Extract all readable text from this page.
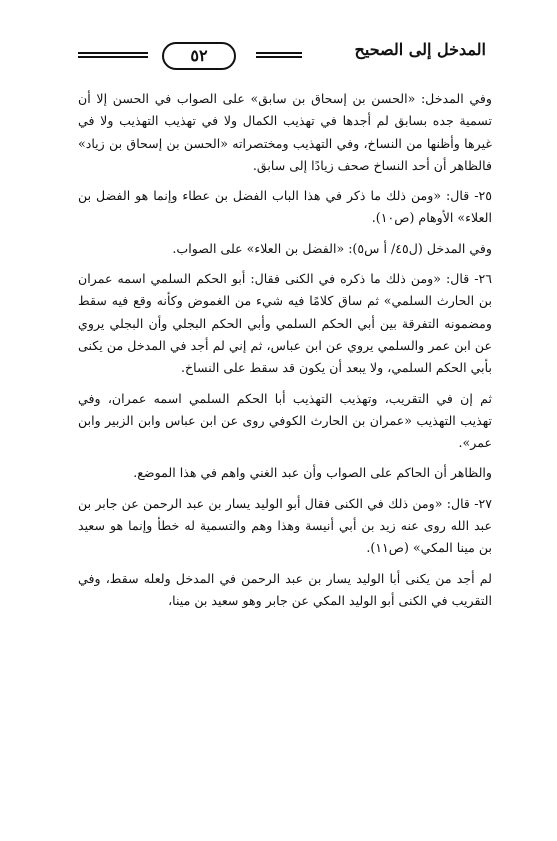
٥٢	المدخل إلى الصحيح

وفي المدخل: «الحسن بن إسحاق بن سابق» على الصواب في الحسن إلا أن تسمية جده بسابق لم أجدها في تهذيب الكمال ولا في تهذيب التهذيب ولا في غيرها وأظنها من النساخ، وفي التهذيب ومختصراته «الحسن بن إسحاق بن زياد» فالظاهر أن أحد النساخ صحف زيادًا إلى سابق.

٢٥- قال: «ومن ذلك ما ذكر في هذا الباب الفضل بن عطاء وإنما هو الفضل بن العلاء» الأوهام (ص١٠).

وفي المدخل (ل٤٥/ أ س٥): «الفضل بن العلاء» على الصواب.

٢٦- قال: «ومن ذلك ما ذكره في الكنى فقال: أبو الحكم السلمي اسمه عمران بن الحارث السلمي» ثم ساق كلامًا فيه شيء من الغموض وكأنه وقع فيه سقط ومضمونه التفرقة بين أبي الحكم السلمي وأبي الحكم البجلي وأن البجلي يروي عن ابن عمر والسلمي يروي عن ابن عباس، ثم إني لم أجد في المدخل من يكنى بأبي الحكم السلمي، ولا يبعد أن يكون قد سقط على النساخ.

ثم إن في التقريب، وتهذيب التهذيب أبا الحكم السلمي اسمه عمران، وفي تهذيب التهذيب «عمران بن الحارث الكوفي روى عن ابن عباس وابن الزبير وابن عمر».

والظاهر أن الحاكم على الصواب وأن عبد الغني واهم في هذا الموضع.

٢٧- قال: «ومن ذلك في الكنى فقال أبو الوليد يسار بن عبد الرحمن عن جابر بن عبد الله روى عنه زيد بن أبي أنيسة وهذا وهم والتسمية له خطأ وإنما هو سعيد بن مينا المكي» (ص١١).

لم أجد من يكنى أبا الوليد يسار بن عبد الرحمن في المدخل ولعله سقط، وفي التقريب في الكنى أبو الوليد المكي عن جابر وهو سعيد بن مينا،
